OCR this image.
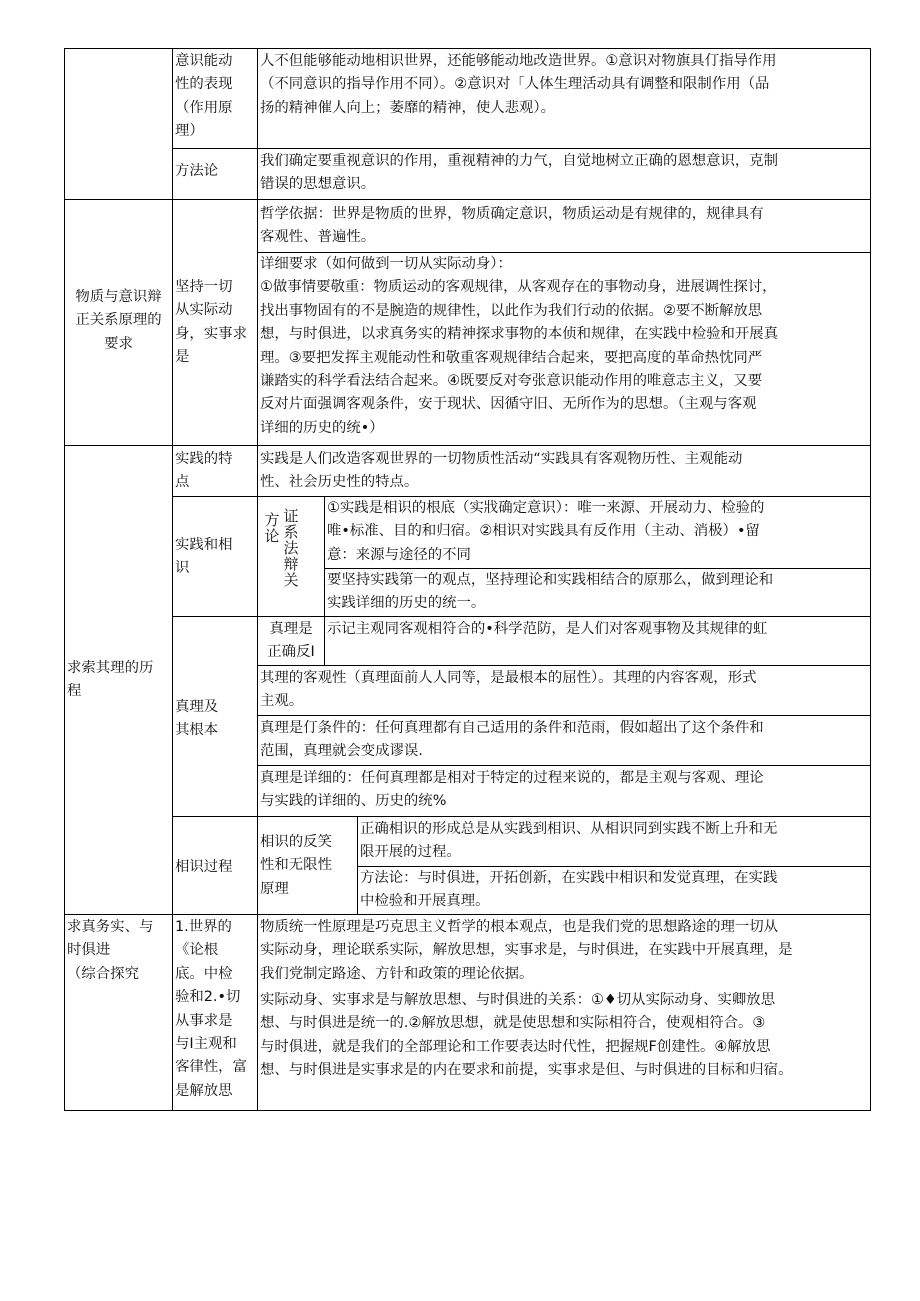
意识能动
性的表现
（作用原
理）
人不但能够能动地相识世界，还能够能动地改造世界。①意识对物旗具仃指导作用
（不同意识的指导作用不同）。②意识对「人体生理活动具有调整和限制作用（品
扬的精神催人向上；萎靡的精神，使人悲观）。
方法论
我们确定要重视意识的作用，重视精神的力气，自觉地树立正确的恩想意识，克制
错误的思想意识。
物质与意识辩
正关系原理的
要求
坚持一切
从实际动
身，实事求
是
哲学依据：世界是物质的世界，物质确定意识，物质运动是有规律的，规律具有
客观性、普遍性。
详细要求（如何做到一切从实际动身）：
①做事情要敬重：物质运动的客观规律，从客观存在的事物动身，进展调性探讨，
找出事物固有的不是腕造的规律性，以此作为我们行动的依据。②要不断解放思
想，与时俱进，以求真务实的精神探求事物的本侦和规律，在实践中检验和开展真
理。③要把发挥主观能动性和敬重客观规律结合起来，要把高度的革命热忱同严
谦踏实的科学看法结合起来。④既要反对夸张意识能动作用的唯意志主义，又要
反对片面强调客观条件，安于现状、因循守旧、无所作为的思想。（主观与客观
详细的历史的统•）
求索其理的历
程
实践的特
点
实践是人们改造客观世界的一切物质性活动“实践具有客观物历性、主观能动
性、社会历史性的特点。
实践和相
识
方
论
证
系
法
辩
关
①实践是相识的根底（实戕确定意识）：唯一来源、开展动力、检验的
唯•标准、目的和归宿。②相识对实践具有反作用（主动、消极）•留
意：来源与途径的不同
要坚持实践第一的观点，坚持理论和实践相结合的原那么，做到理论和
实践详细的历史的统一。
真理及
其根本
真理是
正确反I
示记主观同客观相符合的•科学范防，是人们对客观事物及其规律的虹
其理的客观性（真理面前人人同等，是最根本的屈性）。其理的内容客观，形式
主观。
真理是仃条件的：任何真理都有自己适用的条件和范雨，假如超出了这个条件和
范围，真理就会变成谬误.
真理是详细的：任何真理都是相对于特定的过程来说的，都是主观与客观、理论
与实践的详细的、历史的统%
相识过程
相识的反笑
性和无限性
原理
正确相识的形成总是从实践到相识、从相识同到实践不断上升和无
限开展的过程。
方法论：与时俱进，开拓创新，在实践中相识和发觉真理，在实践
中检验和开展真理。
求真务实、与
时俱进
（综合探究
1.世界的
《论根
底。中检
验和2.•切
从事求是
与I主观和
客律性，富
是解放思
物质统一性原理是巧克思主义哲学的根本观点，也是我们党的思想路途的理一切从
实际动身，理论联系实际，解放思想，实事求是，与时俱进，在实践中开展真理，是
我们党制定路途、方针和政策的理论依据。
实际动身、实事求是与解放思想、与时俱进的关系：①♦切从实际动身、实卿放思
想、与时俱进是统一的.②解放思想，就是使思想和实际相符合，使观相符合。③
与时俱进，就是我们的全部理论和工作要表达时代性，把握规F创建性。④解放思
想、与时俱进是实事求是的内在要求和前提，实事求是但、与时俱进的目标和归宿。
